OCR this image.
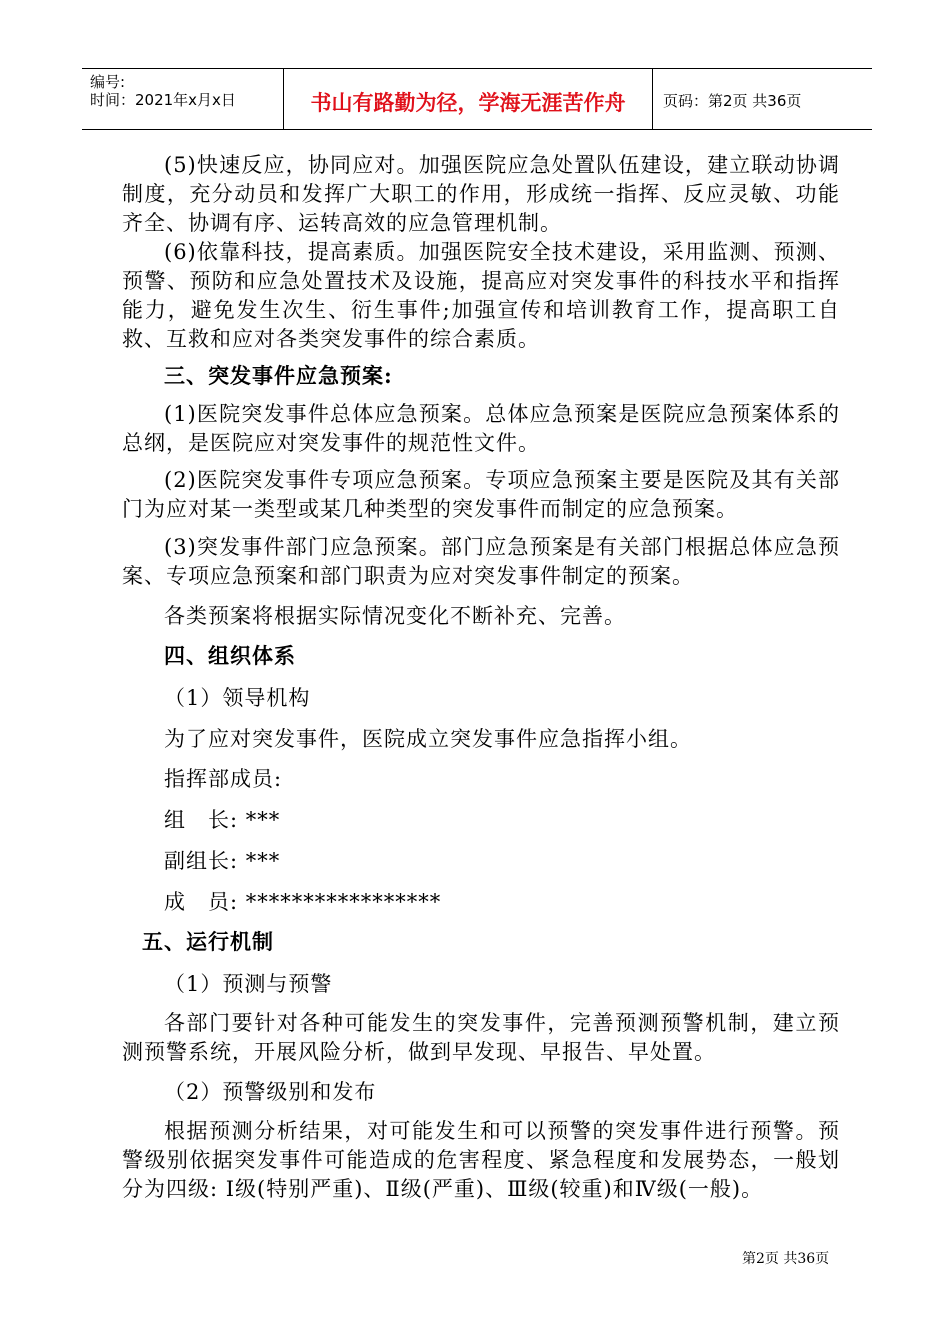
编号:
时间：2021年x月x日	书山有路勤为径，学海无涯苦作舟	页码：第2页 共36页
(5)快速反应，协同应对。加强医院应急处置队伍建设，建立联动协调制度，充分动员和发挥广大职工的作用，形成统一指挥、反应灵敏、功能齐全、协调有序、运转高效的应急管理机制。
(6)依靠科技，提高素质。加强医院安全技术建设，采用监测、预测、预警、预防和应急处置技术及设施，提高应对突发事件的科技水平和指挥能力，避免发生次生、衍生事件;加强宣传和培训教育工作，提高职工自救、互救和应对各类突发事件的综合素质。
三、突发事件应急预案:
(1)医院突发事件总体应急预案。总体应急预案是医院应急预案体系的总纲，是医院应对突发事件的规范性文件。
(2)医院突发事件专项应急预案。专项应急预案主要是医院及其有关部门为应对某一类型或某几种类型的突发事件而制定的应急预案。
(3)突发事件部门应急预案。部门应急预案是有关部门根据总体应急预案、专项应急预案和部门职责为应对突发事件制定的预案。
各类预案将根据实际情况变化不断补充、完善。
四、组织体系
（1）领导机构
为了应对突发事件，医院成立突发事件应急指挥小组。
指挥部成员:
组　长: ***
副组长: ***
成　员: *****************
五、运行机制
（1）预测与预警
各部门要针对各种可能发生的突发事件，完善预测预警机制，建立预测预警系统，开展风险分析，做到早发现、早报告、早处置。
（2）预警级别和发布
根据预测分析结果，对可能发生和可以预警的突发事件进行预警。预警级别依据突发事件可能造成的危害程度、紧急程度和发展势态，一般划分为四级: Ⅰ级(特别严重)、Ⅱ级(严重)、Ⅲ级(较重)和Ⅳ级(一般)。
第2页 共36页
